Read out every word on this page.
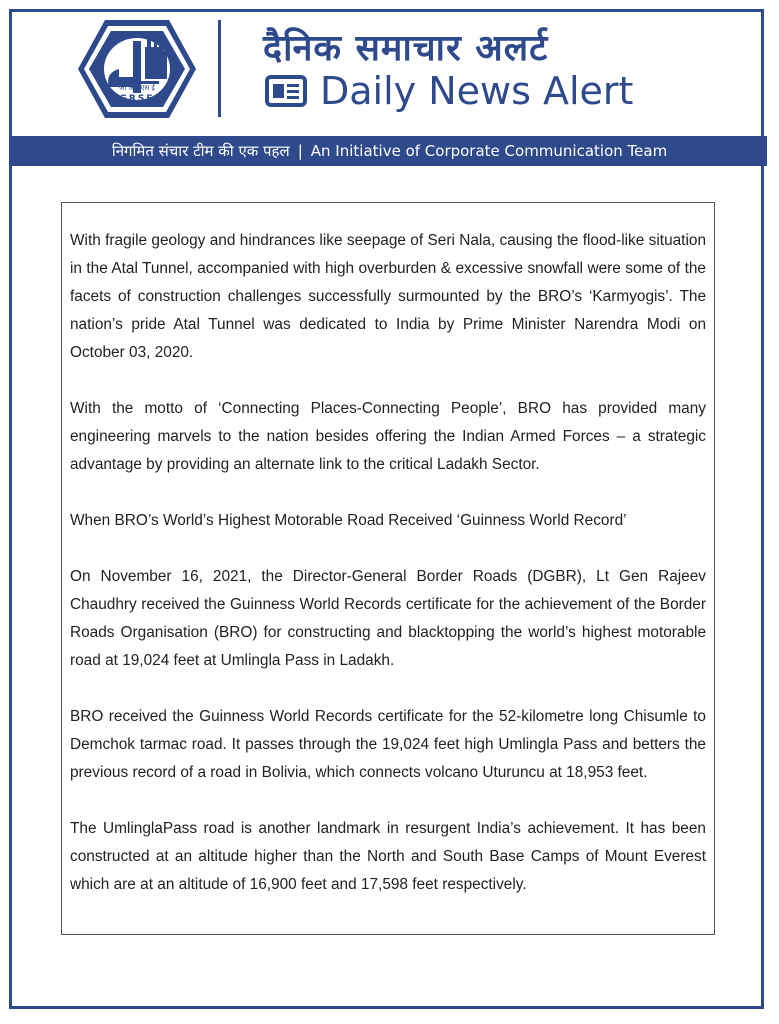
जी आर एस ई
GRSE
दैनिक समाचार अलर्ट
Daily News Alert
निगमित संचार टीम की एक पहल | An Initiative of Corporate Communication Team

With fragile geology and hindrances like seepage of Seri Nala, causing the flood-like situation in the Atal Tunnel, accompanied with high overburden & excessive snowfall were some of the facets of construction challenges successfully surmounted by the BRO’s ‘Karmyogis’. The nation’s pride Atal Tunnel was dedicated to India by Prime Minister Narendra Modi on October 03, 2020.

With the motto of ‘Connecting Places-Connecting People’, BRO has provided many engineering marvels to the nation besides offering the Indian Armed Forces – a strategic advantage by providing an alternate link to the critical Ladakh Sector.

When BRO’s World’s Highest Motorable Road Received ‘Guinness World Record’

On November 16, 2021, the Director-General Border Roads (DGBR), Lt Gen Rajeev Chaudhry received the Guinness World Records certificate for the achievement of the Border Roads Organisation (BRO) for constructing and blacktopping the world’s highest motorable road at 19,024 feet at Umlingla Pass in Ladakh.

BRO received the Guinness World Records certificate for the 52-kilometre long Chisumle to Demchok tarmac road. It passes through the 19,024 feet high Umlingla Pass and betters the previous record of a road in Bolivia, which connects volcano Uturuncu at 18,953 feet.

The UmlinglaPass road is another landmark in resurgent India’s achievement. It has been constructed at an altitude higher than the North and South Base Camps of Mount Everest which are at an altitude of 16,900 feet and 17,598 feet respectively.
